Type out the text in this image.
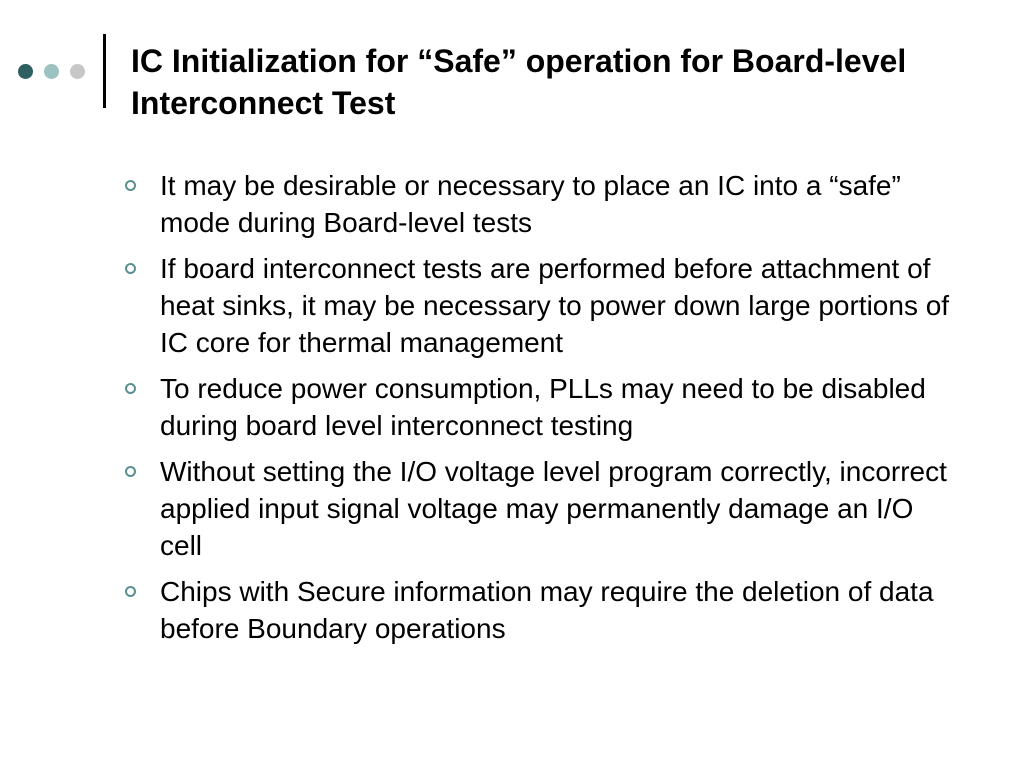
IC Initialization for “Safe” operation for Board-level Interconnect Test
It may be desirable or necessary to place an IC into a “safe” mode during Board-level tests
If board interconnect tests are performed before attachment of heat sinks, it may be necessary to power down large portions of IC core for thermal management
To reduce power consumption, PLLs may need to be disabled during board level interconnect testing
Without setting the I/O voltage level program correctly, incorrect applied input signal voltage may permanently damage an I/O cell
Chips with Secure information may require the deletion of data before Boundary operations
